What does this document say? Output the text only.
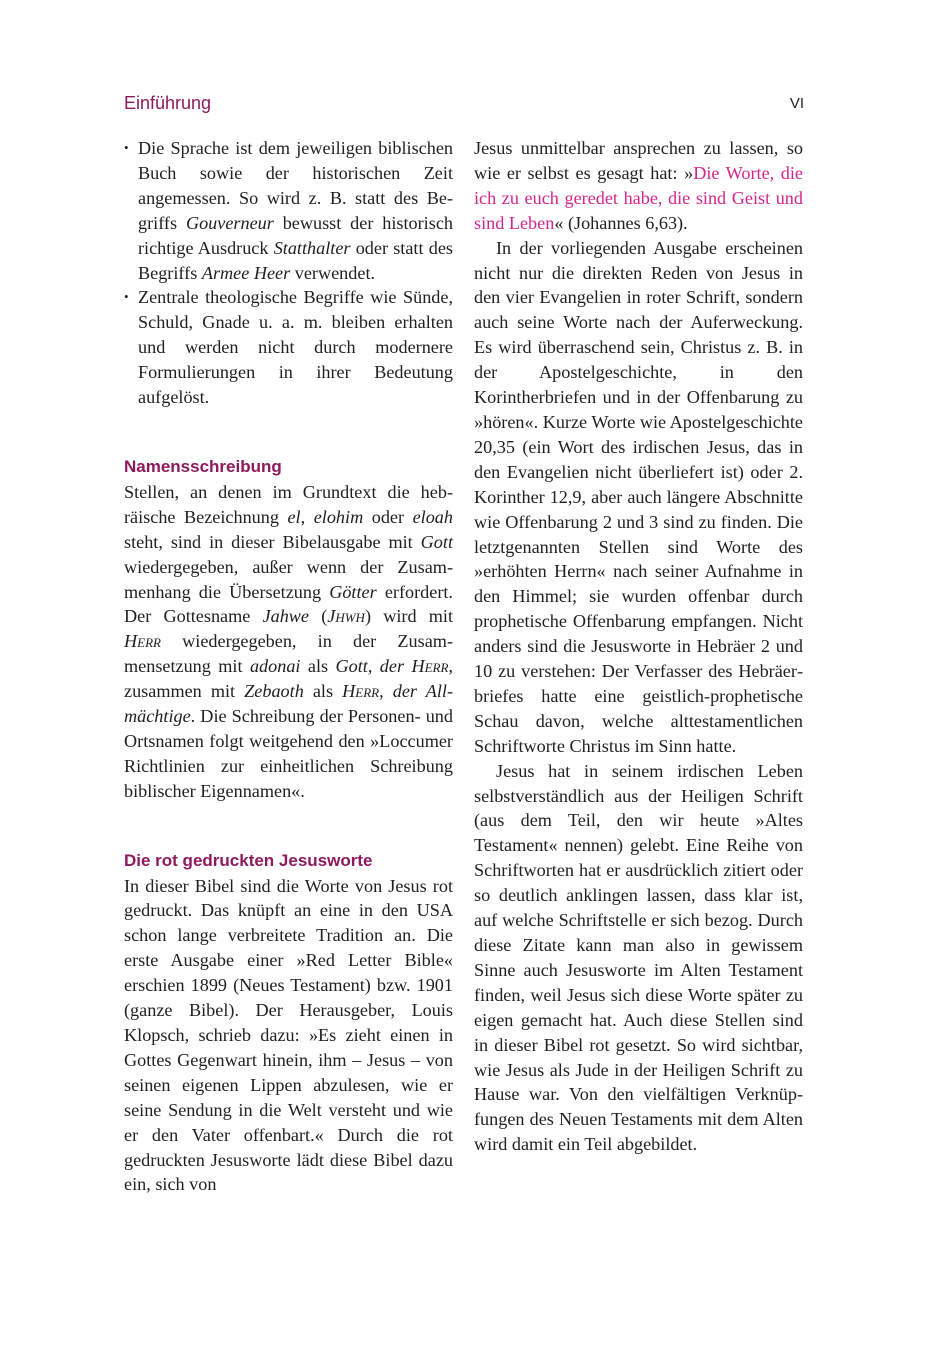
Einführung	VI
• Die Sprache ist dem jeweiligen biblischen Buch sowie der historischen Zeit angemessen. So wird z. B. statt des Begriffs Gouverneur bewusst der historisch richtige Ausdruck Statthalter oder statt des Begriffs Armee Heer verwendet.
• Zentrale theologische Begriffe wie Sünde, Schuld, Gnade u. a. m. bleiben erhalten und werden nicht durch modernere Formulierungen in ihrer Bedeutung aufgelöst.
Namensschreibung

Stellen, an denen im Grundtext die hebräische Bezeichnung el, elohim oder eloah steht, sind in dieser Bibelausgabe mit Gott wiedergegeben, außer wenn der Zusammenhang die Übersetzung Götter erfordert. Der Gottesname Jahwe (Jhwh) wird mit Herr wiedergegeben, in der Zusammensetzung mit adonai als Gott, der Herr, zusammen mit Zebaoth als Herr, der Allmächtige. Die Schreibung der Personen- und Ortsnamen folgt weitgehend den »Loccumer Richtlinien zur einheitlichen Schreibung biblischer Eigennamen«.

Die rot gedruckten Jesusworte

In dieser Bibel sind die Worte von Jesus rot gedruckt. Das knüpft an eine in den USA schon lange verbreitete Tradition an. Die erste Ausgabe einer »Red Letter Bible« erschien 1899 (Neues Testament) bzw. 1901 (ganze Bibel). Der Herausgeber, Louis Klopsch, schrieb dazu: »Es zieht einen in Gottes Gegenwart hinein, ihm – Jesus – von seinen eigenen Lippen abzulesen, wie er seine Sendung in die Welt versteht und wie er den Vater offenbart.« Durch die rot gedruckten Jesusworte lädt diese Bibel dazu ein, sich von

Jesus unmittelbar ansprechen zu lassen, so wie er selbst es gesagt hat: »Die Worte, die ich zu euch geredet habe, die sind Geist und sind Leben« (Johannes 6,63).

In der vorliegenden Ausgabe erscheinen nicht nur die direkten Reden von Jesus in den vier Evangelien in roter Schrift, sondern auch seine Worte nach der Auferweckung. Es wird überraschend sein, Christus z. B. in der Apostelgeschichte, in den Korintherbriefen und in der Offenbarung zu »hören«. Kurze Worte wie Apostelgeschichte 20,35 (ein Wort des irdischen Jesus, das in den Evangelien nicht überliefert ist) oder 2. Korinther 12,9, aber auch längere Abschnitte wie Offenbarung 2 und 3 sind zu finden. Die letztgenannten Stellen sind Worte des »erhöhten Herrn« nach seiner Aufnahme in den Himmel; sie wurden offenbar durch prophetische Offenbarung empfangen. Nicht anders sind die Jesusworte in Hebräer 2 und 10 zu verstehen: Der Verfasser des Hebräerbriefes hatte eine geistlich-prophetische Schau davon, welche alttestamentlichen Schriftworte Christus im Sinn hatte.

Jesus hat in seinem irdischen Leben selbstverständlich aus der Heiligen Schrift (aus dem Teil, den wir heute »Altes Testament« nennen) gelebt. Eine Reihe von Schriftworten hat er ausdrücklich zitiert oder so deutlich anklingen lassen, dass klar ist, auf welche Schriftstelle er sich bezog. Durch diese Zitate kann man also in gewissem Sinne auch Jesusworte im Alten Testament finden, weil Jesus sich diese Worte später zu eigen gemacht hat. Auch diese Stellen sind in dieser Bibel rot gesetzt. So wird sichtbar, wie Jesus als Jude in der Heiligen Schrift zu Hause war. Von den vielfältigen Verknüpfungen des Neuen Testaments mit dem Alten wird damit ein Teil abgebildet.
